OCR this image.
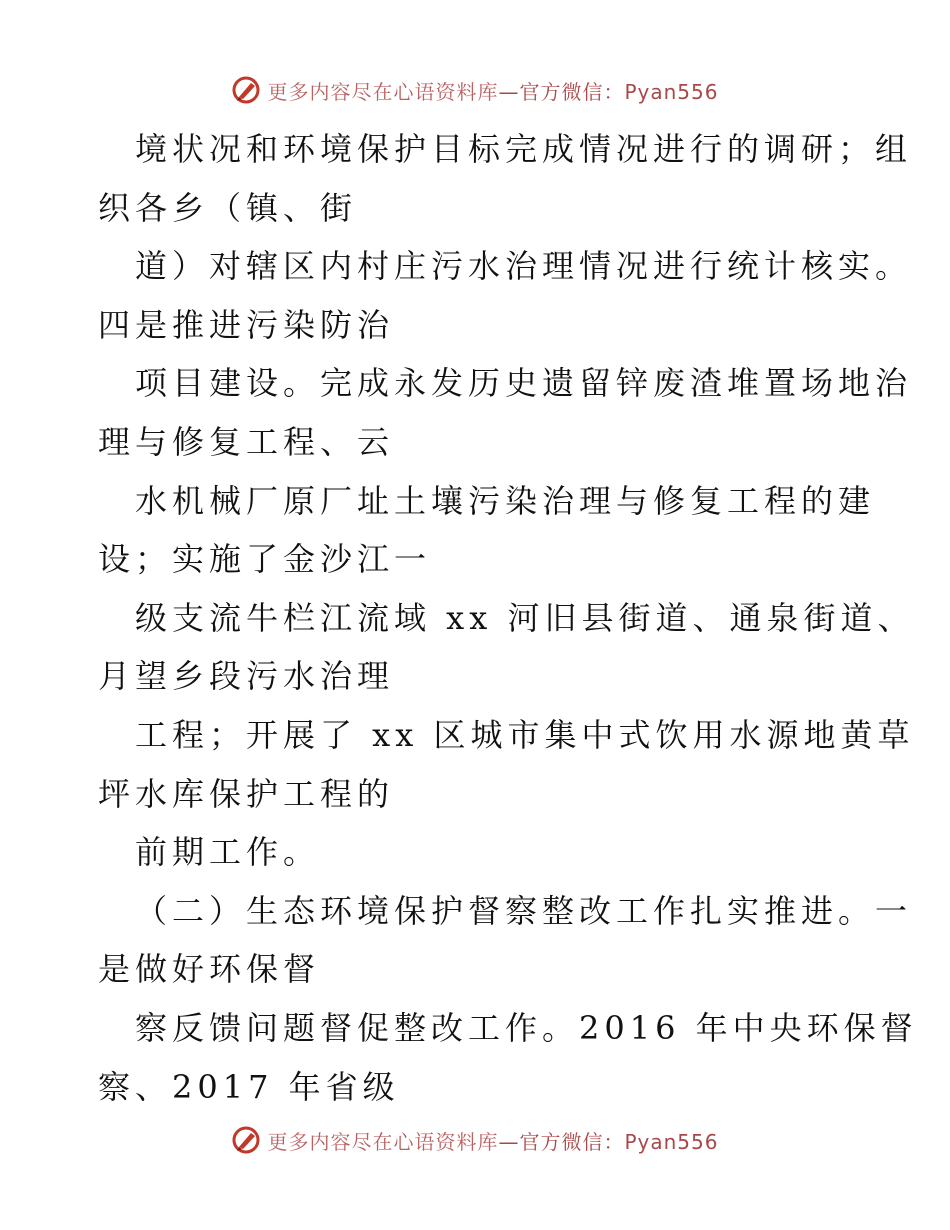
更多内容尽在心语资料库—官方微信：Pyan556
境状况和环境保护目标完成情况进行的调研；组
织各乡（镇、街
道）对辖区内村庄污水治理情况进行统计核实。
四是推进污染防治
项目建设。完成永发历史遗留锌废渣堆置场地治
理与修复工程、云
水机械厂原厂址土壤污染治理与修复工程的建
设；实施了金沙江一
级支流牛栏江流域 xx 河旧县街道、通泉街道、
月望乡段污水治理
工程；开展了 xx 区城市集中式饮用水源地黄草
坪水库保护工程的
前期工作。
（二）生态环境保护督察整改工作扎实推进。一
是做好环保督
察反馈问题督促整改工作。2016 年中央环保督
察、2017 年省级
更多内容尽在心语资料库—官方微信：Pyan556
